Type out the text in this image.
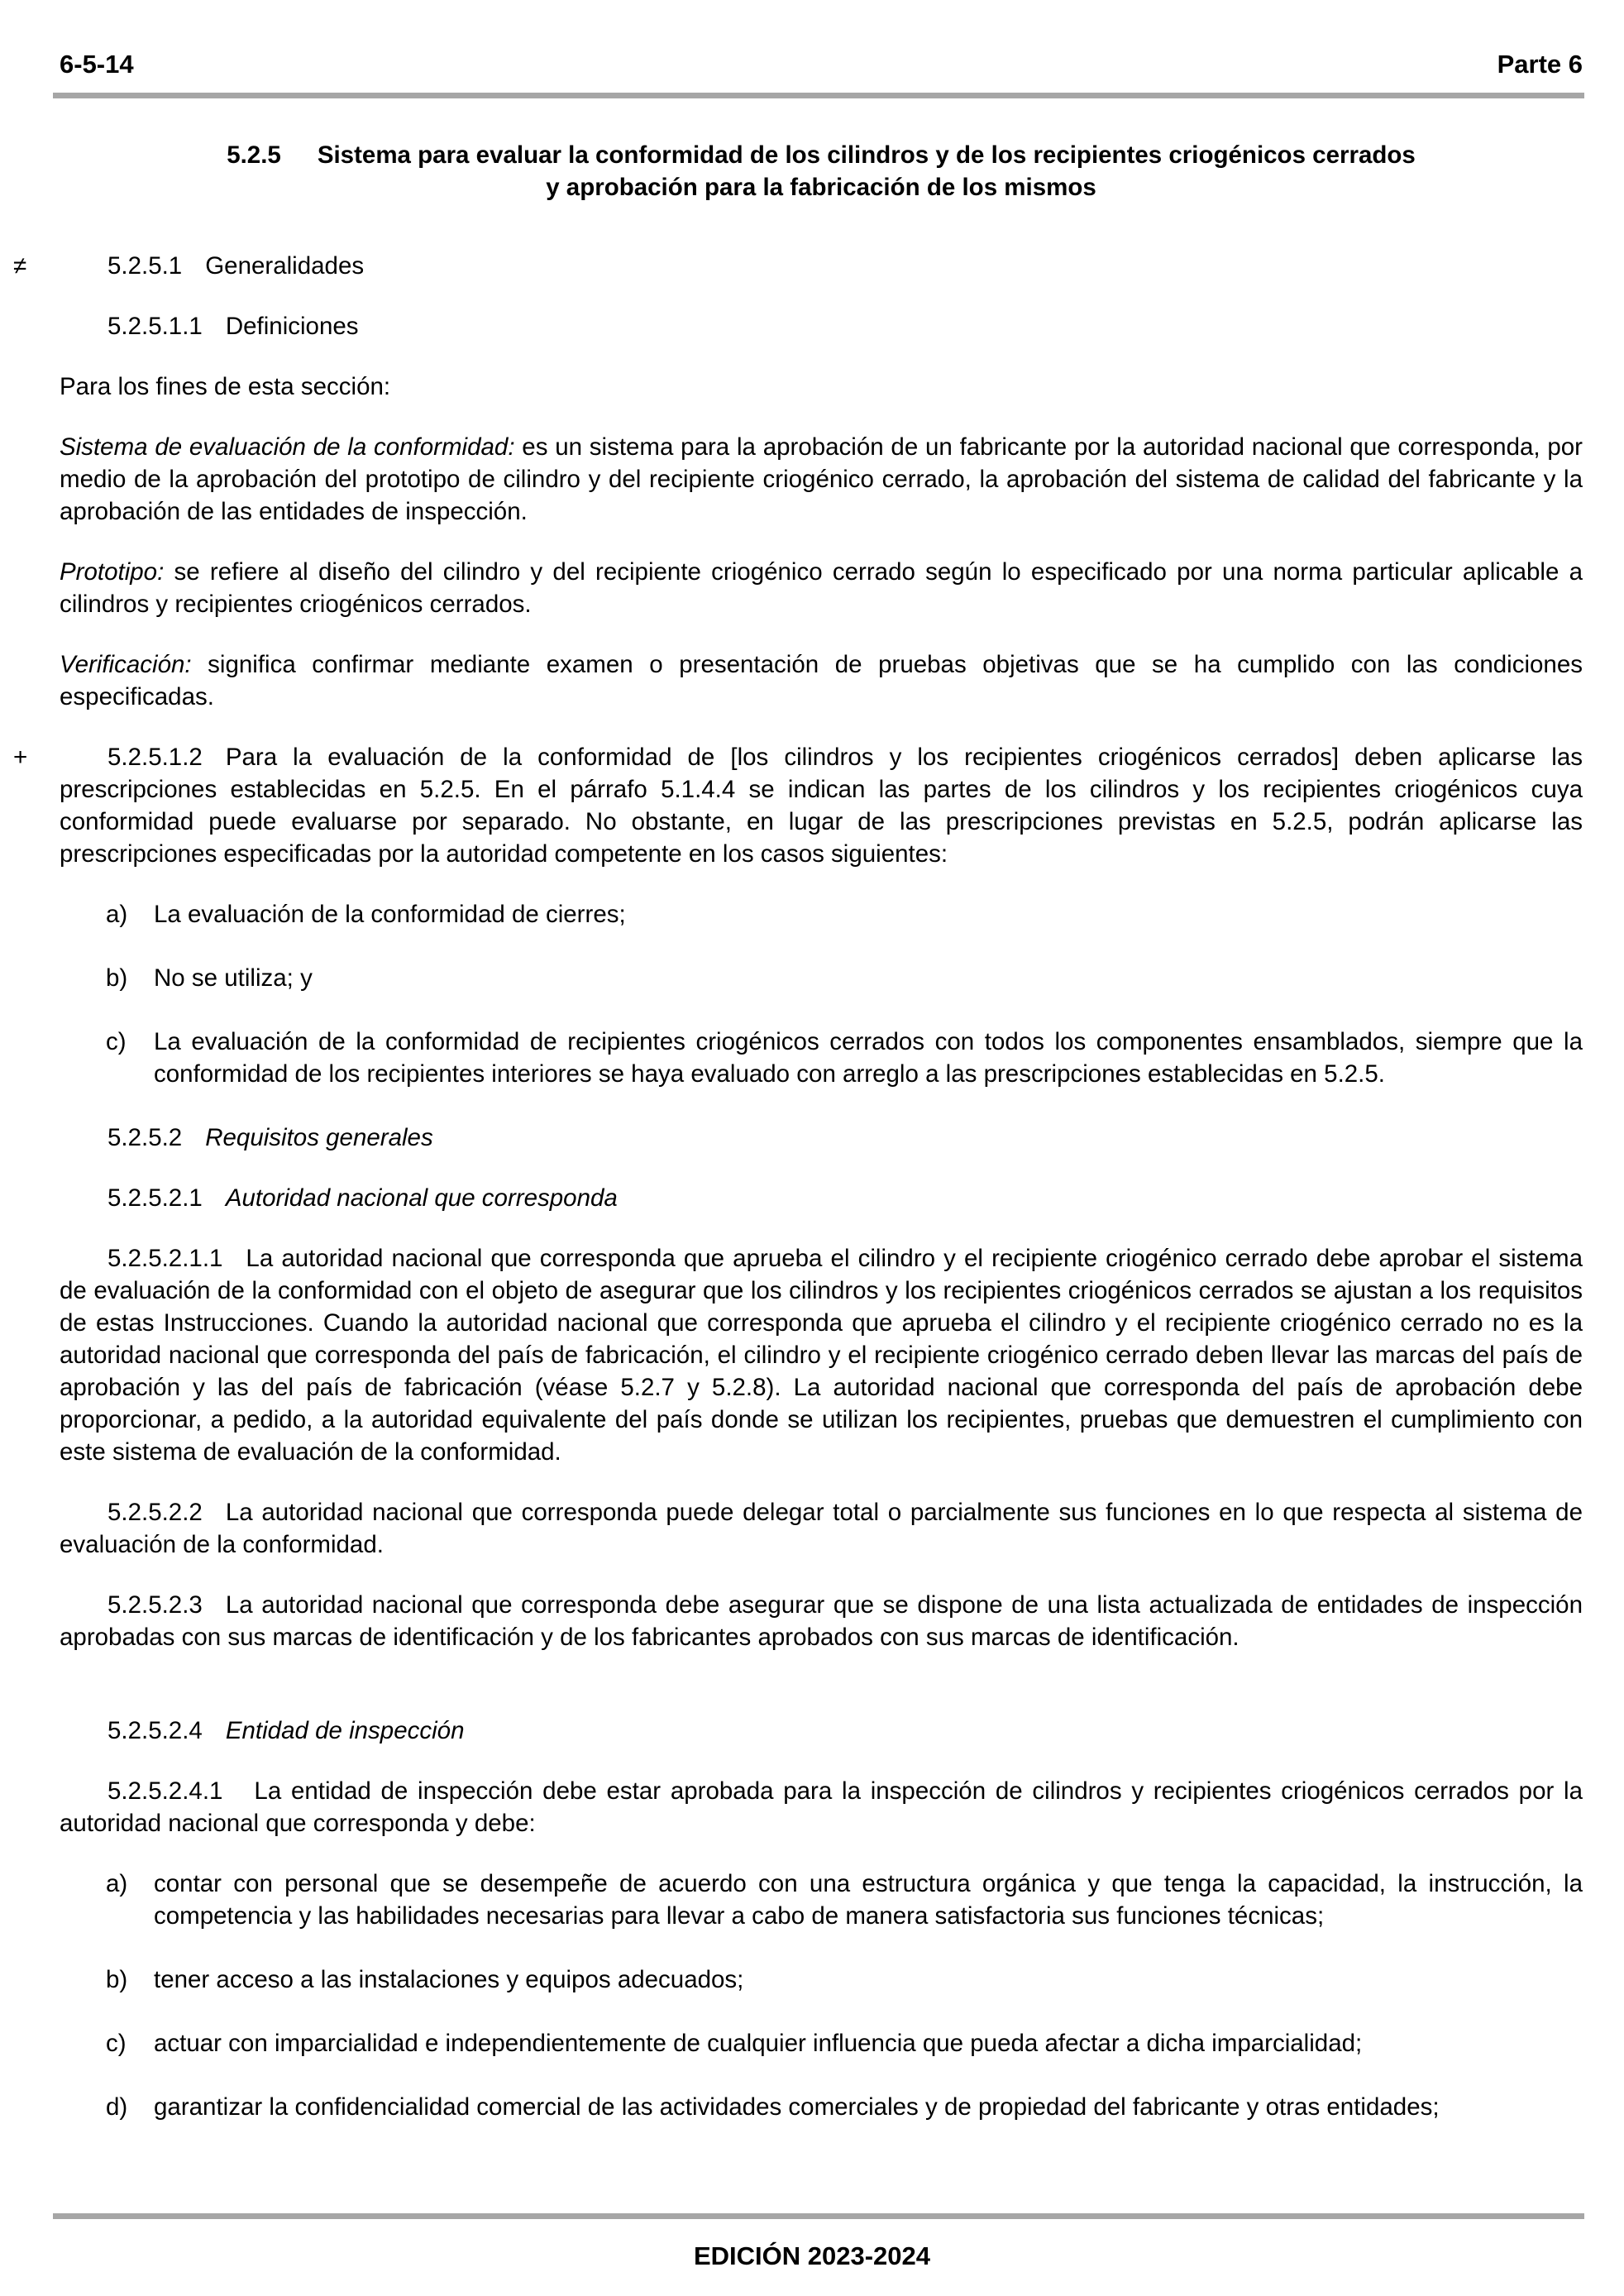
6-5-14	Parte 6
5.2.5 Sistema para evaluar la conformidad de los cilindros y de los recipientes criogénicos cerrados
y aprobación para la fabricación de los mismos

≠	5.2.5.1 Generalidades

5.2.5.1.1 Definiciones

Para los fines de esta sección:

Sistema de evaluación de la conformidad: es un sistema para la aprobación de un fabricante por la autoridad nacional que corresponda, por medio de la aprobación del prototipo de cilindro y del recipiente criogénico cerrado, la aprobación del sistema de calidad del fabricante y la aprobación de las entidades de inspección.

Prototipo: se refiere al diseño del cilindro y del recipiente criogénico cerrado según lo especificado por una norma particular aplicable a cilindros y recipientes criogénicos cerrados.

Verificación: significa confirmar mediante examen o presentación de pruebas objetivas que se ha cumplido con las condiciones especificadas.

+	5.2.5.1.2 Para la evaluación de la conformidad de [los cilindros y los recipientes criogénicos cerrados] deben aplicarse las prescripciones establecidas en 5.2.5. En el párrafo 5.1.4.4 se indican las partes de los cilindros y los recipientes criogénicos cuya conformidad puede evaluarse por separado. No obstante, en lugar de las prescripciones previstas en 5.2.5, podrán aplicarse las prescripciones especificadas por la autoridad competente en los casos siguientes:

a) La evaluación de la conformidad de cierres;
b) No se utiliza; y
c) La evaluación de la conformidad de recipientes criogénicos cerrados con todos los componentes ensamblados, siempre que la conformidad de los recipientes interiores se haya evaluado con arreglo a las prescripciones establecidas en 5.2.5.

5.2.5.2 Requisitos generales

5.2.5.2.1 Autoridad nacional que corresponda

5.2.5.2.1.1 La autoridad nacional que corresponda que aprueba el cilindro y el recipiente criogénico cerrado debe aprobar el sistema de evaluación de la conformidad con el objeto de asegurar que los cilindros y los recipientes criogénicos cerrados se ajustan a los requisitos de estas Instrucciones. Cuando la autoridad nacional que corresponda que aprueba el cilindro y el recipiente criogénico cerrado no es la autoridad nacional que corresponda del país de fabricación, el cilindro y el recipiente criogénico cerrado deben llevar las marcas del país de aprobación y las del país de fabricación (véase 5.2.7 y 5.2.8). La autoridad nacional que corresponda del país de aprobación debe proporcionar, a pedido, a la autoridad equivalente del país donde se utilizan los recipientes, pruebas que demuestren el cumplimiento con este sistema de evaluación de la conformidad.

5.2.5.2.2 La autoridad nacional que corresponda puede delegar total o parcialmente sus funciones en lo que respecta al sistema de evaluación de la conformidad.

5.2.5.2.3 La autoridad nacional que corresponda debe asegurar que se dispone de una lista actualizada de entidades de inspección aprobadas con sus marcas de identificación y de los fabricantes aprobados con sus marcas de identificación.

5.2.5.2.4 Entidad de inspección

5.2.5.2.4.1 La entidad de inspección debe estar aprobada para la inspección de cilindros y recipientes criogénicos cerrados por la autoridad nacional que corresponda y debe:

a) contar con personal que se desempeñe de acuerdo con una estructura orgánica y que tenga la capacidad, la instrucción, la competencia y las habilidades necesarias para llevar a cabo de manera satisfactoria sus funciones técnicas;
b) tener acceso a las instalaciones y equipos adecuados;
c) actuar con imparcialidad e independientemente de cualquier influencia que pueda afectar a dicha imparcialidad;
d) garantizar la confidencialidad comercial de las actividades comerciales y de propiedad del fabricante y otras entidades;
EDICIÓN 2023-2024
